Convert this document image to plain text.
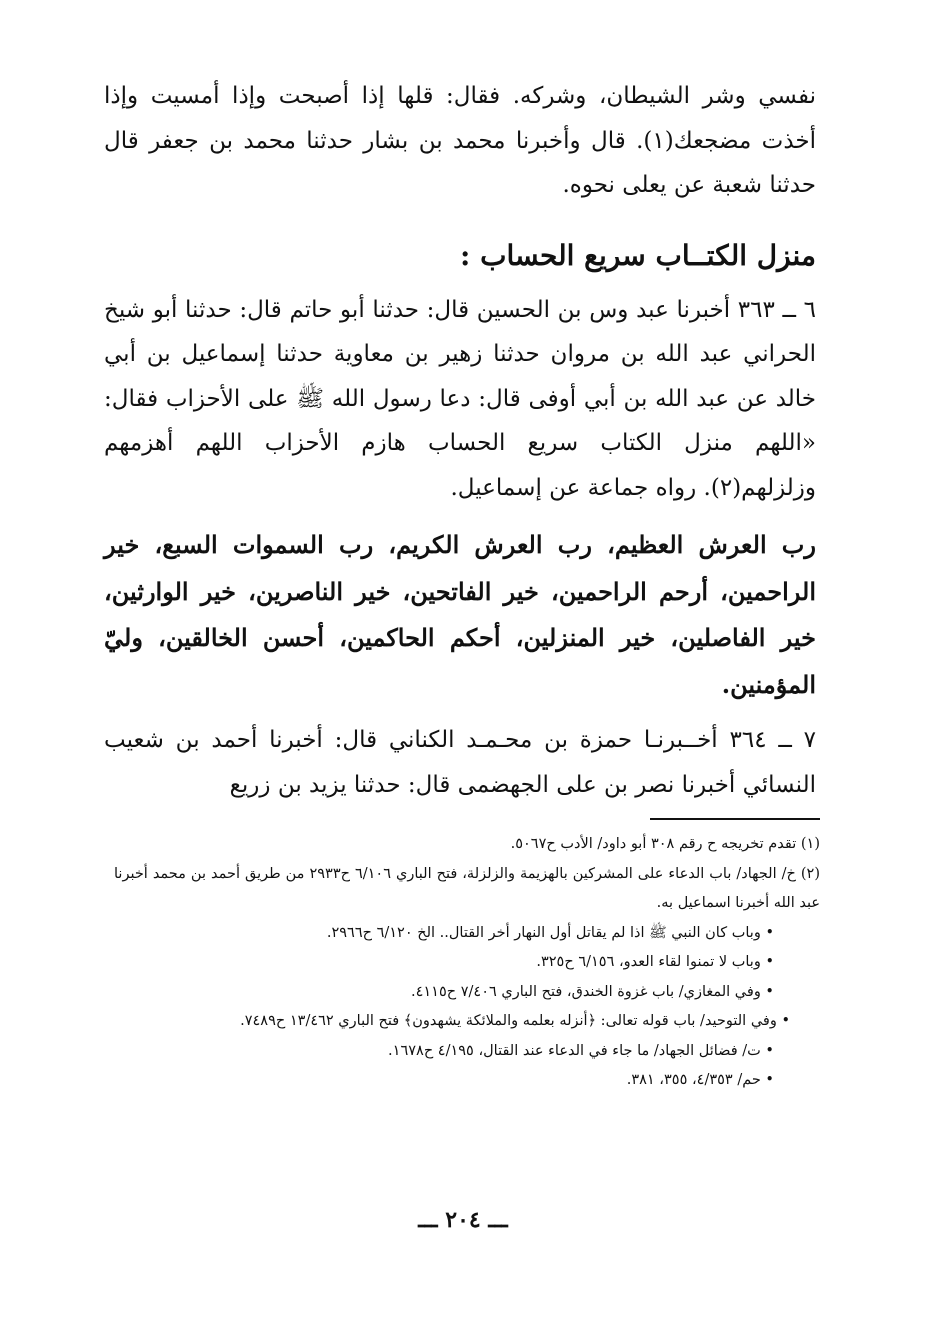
نفسي وشر الشيطان، وشركه. فقال: قلها إذا أصبحت وإذا أمسيت وإذا أخذت مضجعك(١). قال وأخبرنا محمد بن بشار حدثنا محمد بن جعفر قال حدثنا شعبة عن يعلى نحوه.

منزل الكتــاب سريع الحساب :

٦ ــ ٣٦٣ أخبرنا عبد وس بن الحسين قال: حدثنا أبو حاتم قال: حدثنا أبو شيخ الحراني عبد الله بن مروان حدثنا زهير بن معاوية حدثنا إسماعيل بن أبي خالد عن عبد الله بن أبي أوفى قال: دعا رسول الله ﷺ على الأحزاب فقال: «اللهم منزل الكتاب سريع الحساب هازم الأحزاب اللهم أهزمهم وزلزلهم(٢). رواه جماعة عن إسماعيل.

رب العرش العظيم، رب العرش الكريم، رب السموات السبع، خير الراحمين، أرحم الراحمين، خير الفاتحين، خير الناصرين، خير الوارثين، خير الفاصلين، خير المنزلين، أحكم الحاكمين، أحسن الخالقين، وليّ المؤمنين.

٧ ــ ٣٦٤ أخــبرنـا حمزة بن محـمـد الكناني قال: أخبرنا أحمد بن شعيب النسائي أخبرنا نصر بن على الجهضمى قال: حدثنا يزيد بن زريع

(١) تقدم تخريجه ح رقم ٣٠٨ أبو داود/ الأدب ح٥٠٦٧.

(٢) خ/ الجهاد/ باب الدعاء على المشركين بالهزيمة والزلزلة، فتح الباري ٦/١٠٦ ح٢٩٣٣ من طريق أحمد بن محمد أخبرنا عبد الله أخبرنا اسماعيل به.

• وباب كان النبي ﷺ اذا لم يقاتل أول النهار أخر القتال.. الخ ٦/١٢٠ ح٢٩٦٦.

• وباب لا تمنوا لقاء العدو، ٦/١٥٦ ح٣٢٥.

• وفي المغازي/ باب غزوة الخندق، فتح الباري ٧/٤٠٦ ح٤١١٥.

• وفي التوحيد/ باب قوله تعالى: ﴿أنزله بعلمه والملائكة يشهدون﴾ فتح الباري ١٣/٤٦٢ ح٧٤٨٩.

• ت/ فضائل الجهاد/ ما جاء في الدعاء عند القتال، ٤/١٩٥ ح١٦٧٨.

• حم/ ٤/٣٥٣، ٣٥٥، ٣٨١.

ـــ ٢٠٤ ـــ
